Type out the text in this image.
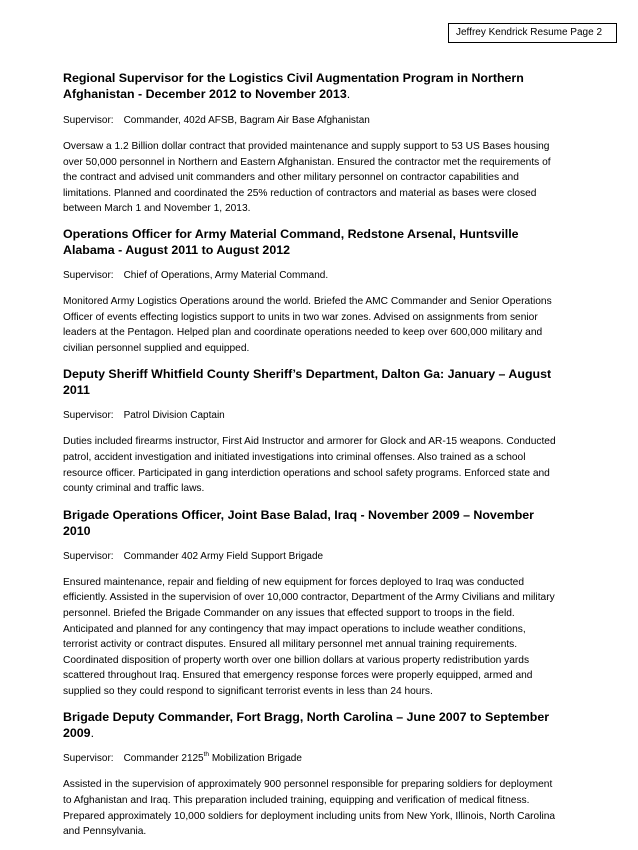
Jeffrey Kendrick Resume Page 2

Regional Supervisor for the Logistics Civil Augmentation Program in Northern Afghanistan - December 2012 to November 2013.

Supervisor: Commander, 402d AFSB, Bagram Air Base Afghanistan

Oversaw a 1.2 Billion dollar contract that provided maintenance and supply support to 53 US Bases housing over 50,000 personnel in Northern and Eastern Afghanistan. Ensured the contractor met the requirements of the contract and advised unit commanders and other military personnel on contractor capabilities and limitations. Planned and coordinated the 25% reduction of contractors and material as bases were closed between March 1 and November 1, 2013.

Operations Officer for Army Material Command, Redstone Arsenal, Huntsville Alabama - August 2011 to August 2012

Supervisor: Chief of Operations, Army Material Command.

Monitored Army Logistics Operations around the world. Briefed the AMC Commander and Senior Operations Officer of events effecting logistics support to units in two war zones. Advised on assignments from senior leaders at the Pentagon. Helped plan and coordinate operations needed to keep over 600,000 military and civilian personnel supplied and equipped.

Deputy Sheriff Whitfield County Sheriff’s Department, Dalton Ga: January – August 2011

Supervisor: Patrol Division Captain

Duties included firearms instructor, First Aid Instructor and armorer for Glock and AR-15 weapons. Conducted patrol, accident investigation and initiated investigations into criminal offenses. Also trained as a school resource officer. Participated in gang interdiction operations and school safety programs. Enforced state and county criminal and traffic laws.

Brigade Operations Officer, Joint Base Balad, Iraq - November 2009 – November 2010

Supervisor: Commander 402 Army Field Support Brigade

Ensured maintenance, repair and fielding of new equipment for forces deployed to Iraq was conducted efficiently. Assisted in the supervision of over 10,000 contractor, Department of the Army Civilians and military personnel. Briefed the Brigade Commander on any issues that effected support to troops in the field. Anticipated and planned for any contingency that may impact operations to include weather conditions, terrorist activity or contract disputes. Ensured all military personnel met annual training requirements. Coordinated disposition of property worth over one billion dollars at various property redistribution yards scattered throughout Iraq. Ensured that emergency response forces were properly equipped, armed and supplied so they could respond to significant terrorist events in less than 24 hours.

Brigade Deputy Commander, Fort Bragg, North Carolina – June 2007 to September 2009.

Supervisor: Commander 2125th Mobilization Brigade

Assisted in the supervision of approximately 900 personnel responsible for preparing soldiers for deployment to Afghanistan and Iraq. This preparation included training, equipping and verification of medical fitness. Prepared approximately 10,000 soldiers for deployment including units from New York, Illinois, North Carolina and Pennsylvania.
